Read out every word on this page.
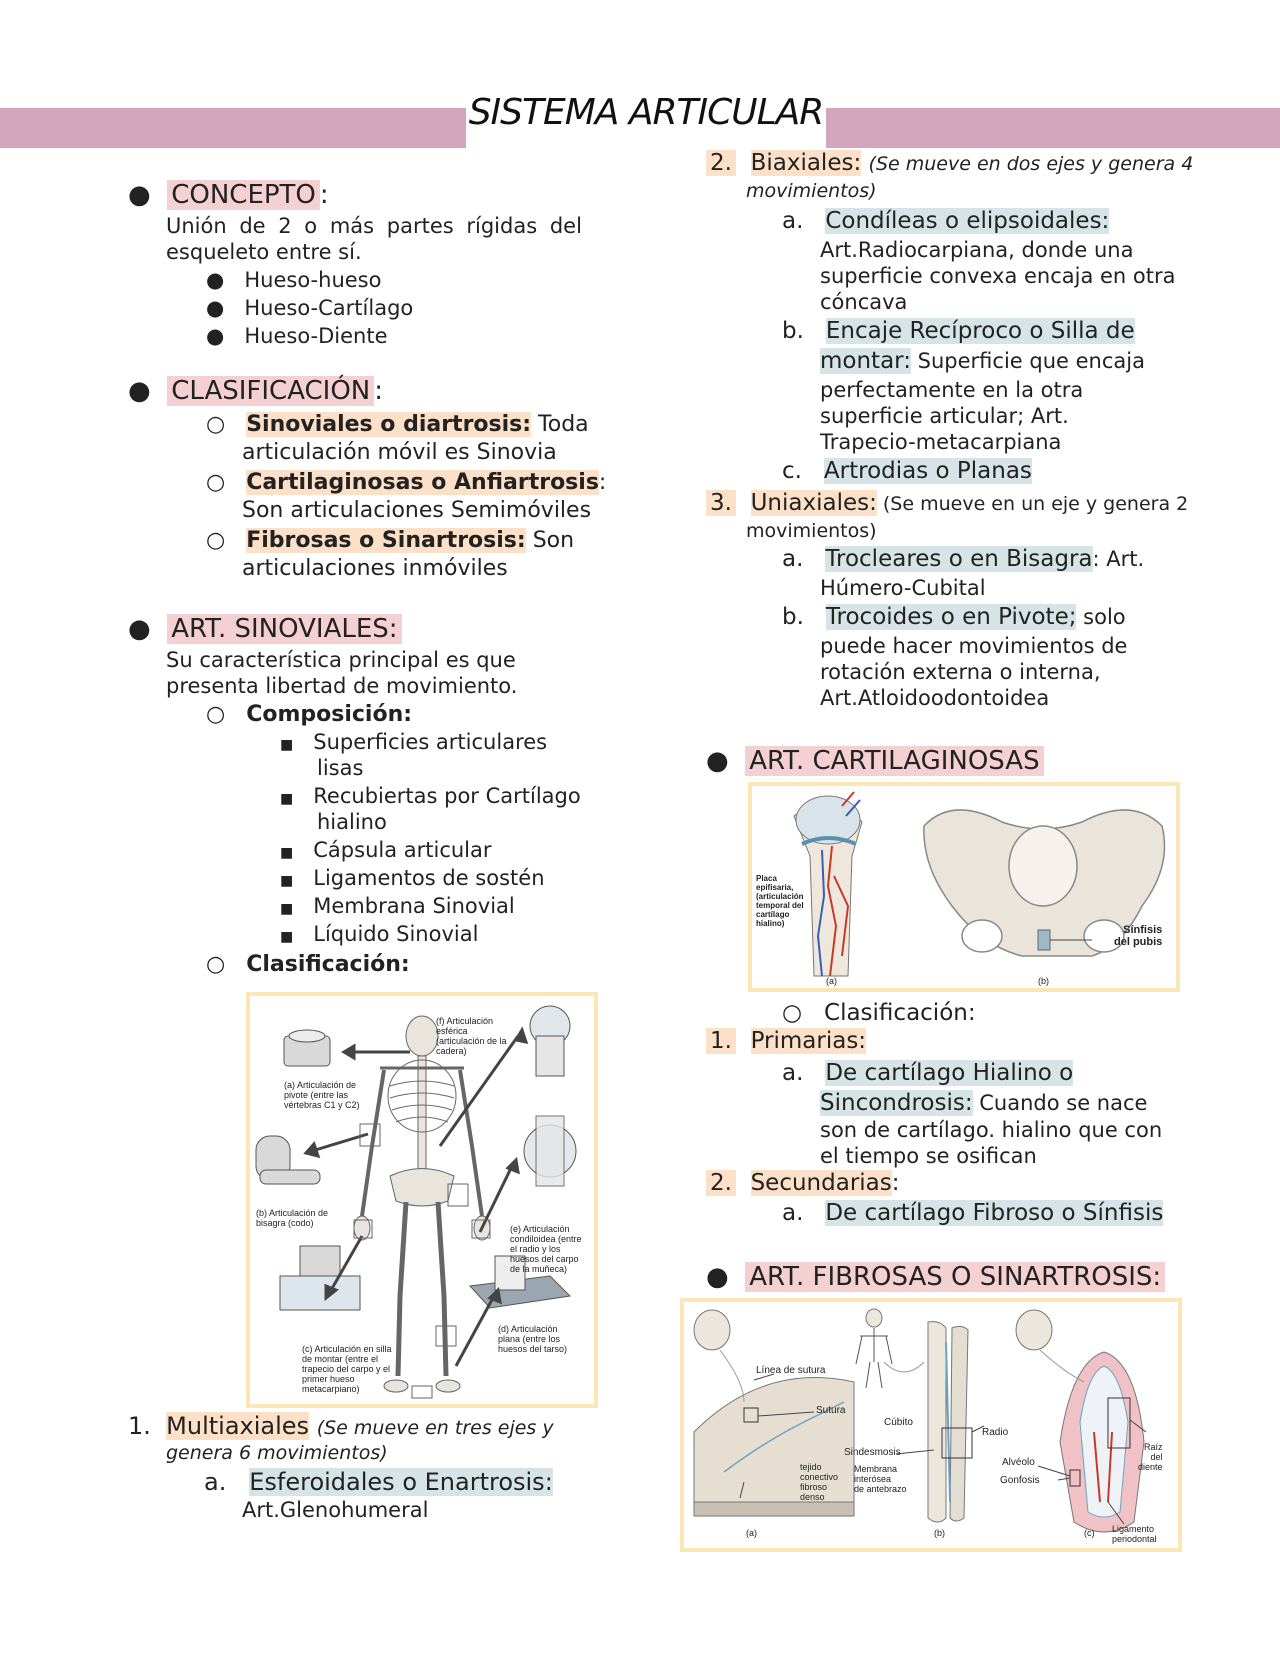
SISTEMA ARTICULAR
● CONCEPTO :
Unión de 2 o más partes rígidas del
esqueleto entre sí.
● Hueso-hueso
● Hueso-Cartílago
● Hueso-Diente
● CLASIFICACIÓN :
○ Sinoviales o diartrosis: Toda
articulación móvil es Sinovia
○ Cartilaginosas o Anfiartrosis:
Son articulaciones Semimóviles
○ Fibrosas o Sinartrosis: Son
articulaciones inmóviles
● ART. SINOVIALES:
Su característica principal es que
presenta libertad de movimiento.
○ Composición:
■ Superficies articulares
lisas
■ Recubiertas por Cartílago
hialino
■ Cápsula articular
■ Ligamentos de sostén
■ Membrana Sinovial
■ Líquido Sinovial
○ Clasificación:
(f) Articulación esférica (articulación de la cadera)
(a) Articulación de pivote (entre las vértebras C1 y C2)
(b) Articulación de bisagra (codo)
(e) Articulación condiloidea (entre el radio y los huesos del carpo de la muñeca)
(d) Articulación plana (entre los huesos del tarso)
(c) Articulación en silla de montar (entre el trapecio del carpo y el primer hueso metacarpiano)
1. Multiaxiales (Se mueve en tres ejes y
genera 6 movimientos)
a. Esferoidales o Enartrosis:
Art.Glenohumeral
2. Biaxiales: (Se mueve en dos ejes y genera 4
movimientos)
a. Condíleas o elipsoidales:
Art.Radiocarpiana, donde una
superficie convexa encaja en otra
cóncava
b. Encaje Recíproco o Silla de
montar: Superficie que encaja
perfectamente en la otra
superficie articular; Art.
Trapecio-metacarpiana
c. Artrodias o Planas
3. Uniaxiales: (Se mueve en un eje y genera 2
movimientos)
a. Trocleares o en Bisagra: Art.
Húmero-Cubital
b. Trocoides o en Pivote; solo
puede hacer movimientos de
rotación externa o interna,
Art.Atloidoodontoidea
● ART. CARTILAGINOSAS
Placa
epifisaria,
(articulación
temporal del
cartílago
hialino)
Sínfisis
del pubis
(a)	(b)
○ Clasificación:
1. Primarias:
a. De cartílago Hialino o
Sincondrosis: Cuando se nace
son de cartílago. hialino que con
el tiempo se osifican
2. Secundarias:
a. De cartílago Fibroso o Sínfisis
● ART. FIBROSAS O SINARTROSIS:
Línea de sutura
Sutura
Cúbito
Radio
Sindesmosis
tejido
conectivo
fibroso
denso
Membrana
interósea
de antebrazo
Alvéolo
Gonfosis
Raíz
del
diente
Ligamento
periodontal
(a)	(b)	(c)
